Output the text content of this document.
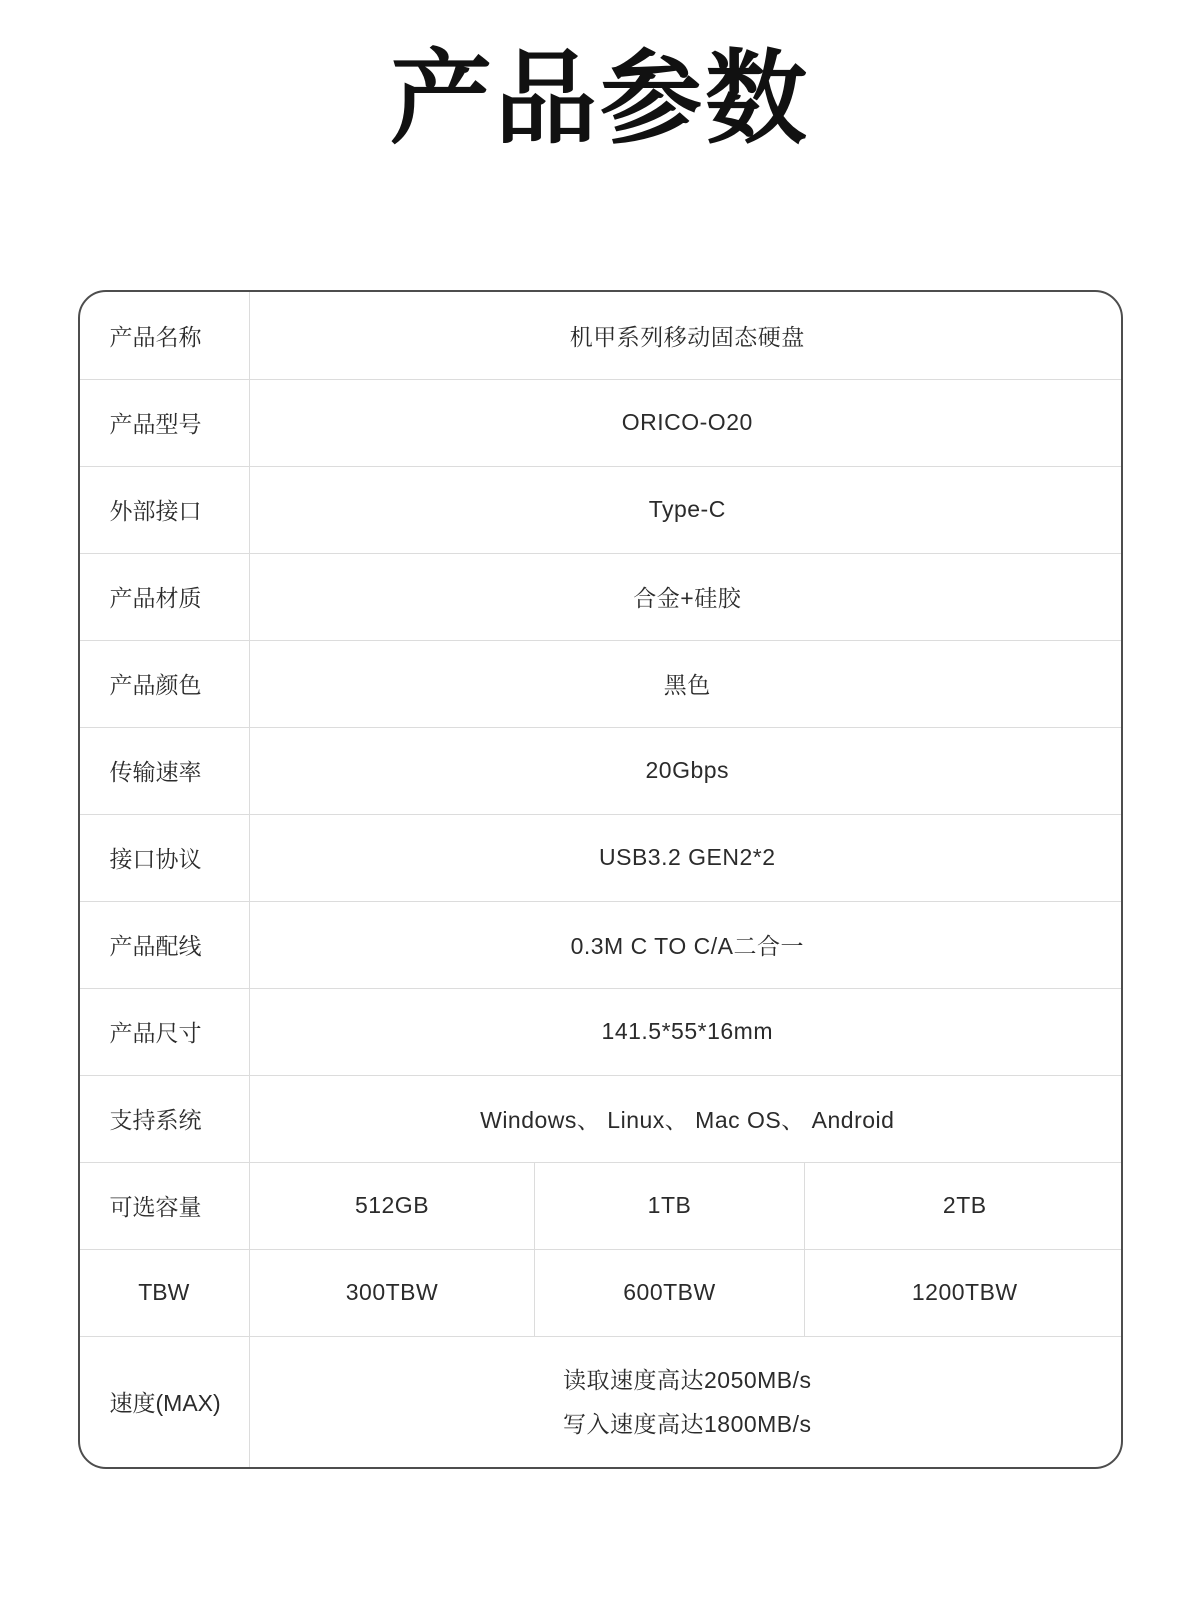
产品参数
产品名称	机甲系列移动固态硬盘		
产品型号	ORICO-O20		
外部接口	Type-C		
产品材质	合金+硅胶		
产品颜色	黑色		
传输速率	20Gbps		
接口协议	USB3.2 GEN2*2		
产品配线	0.3M C TO C/A二合一		
产品尺寸	141.5*55*16mm		
支持系统	Windows、 Linux、 Mac OS、 Android		
可选容量	512GB	1TB	2TB
TBW	300TBW	600TBW	1200TBW
速度(MAX)	读取速度高达2050MB/s
写入速度高达1800MB/s		
